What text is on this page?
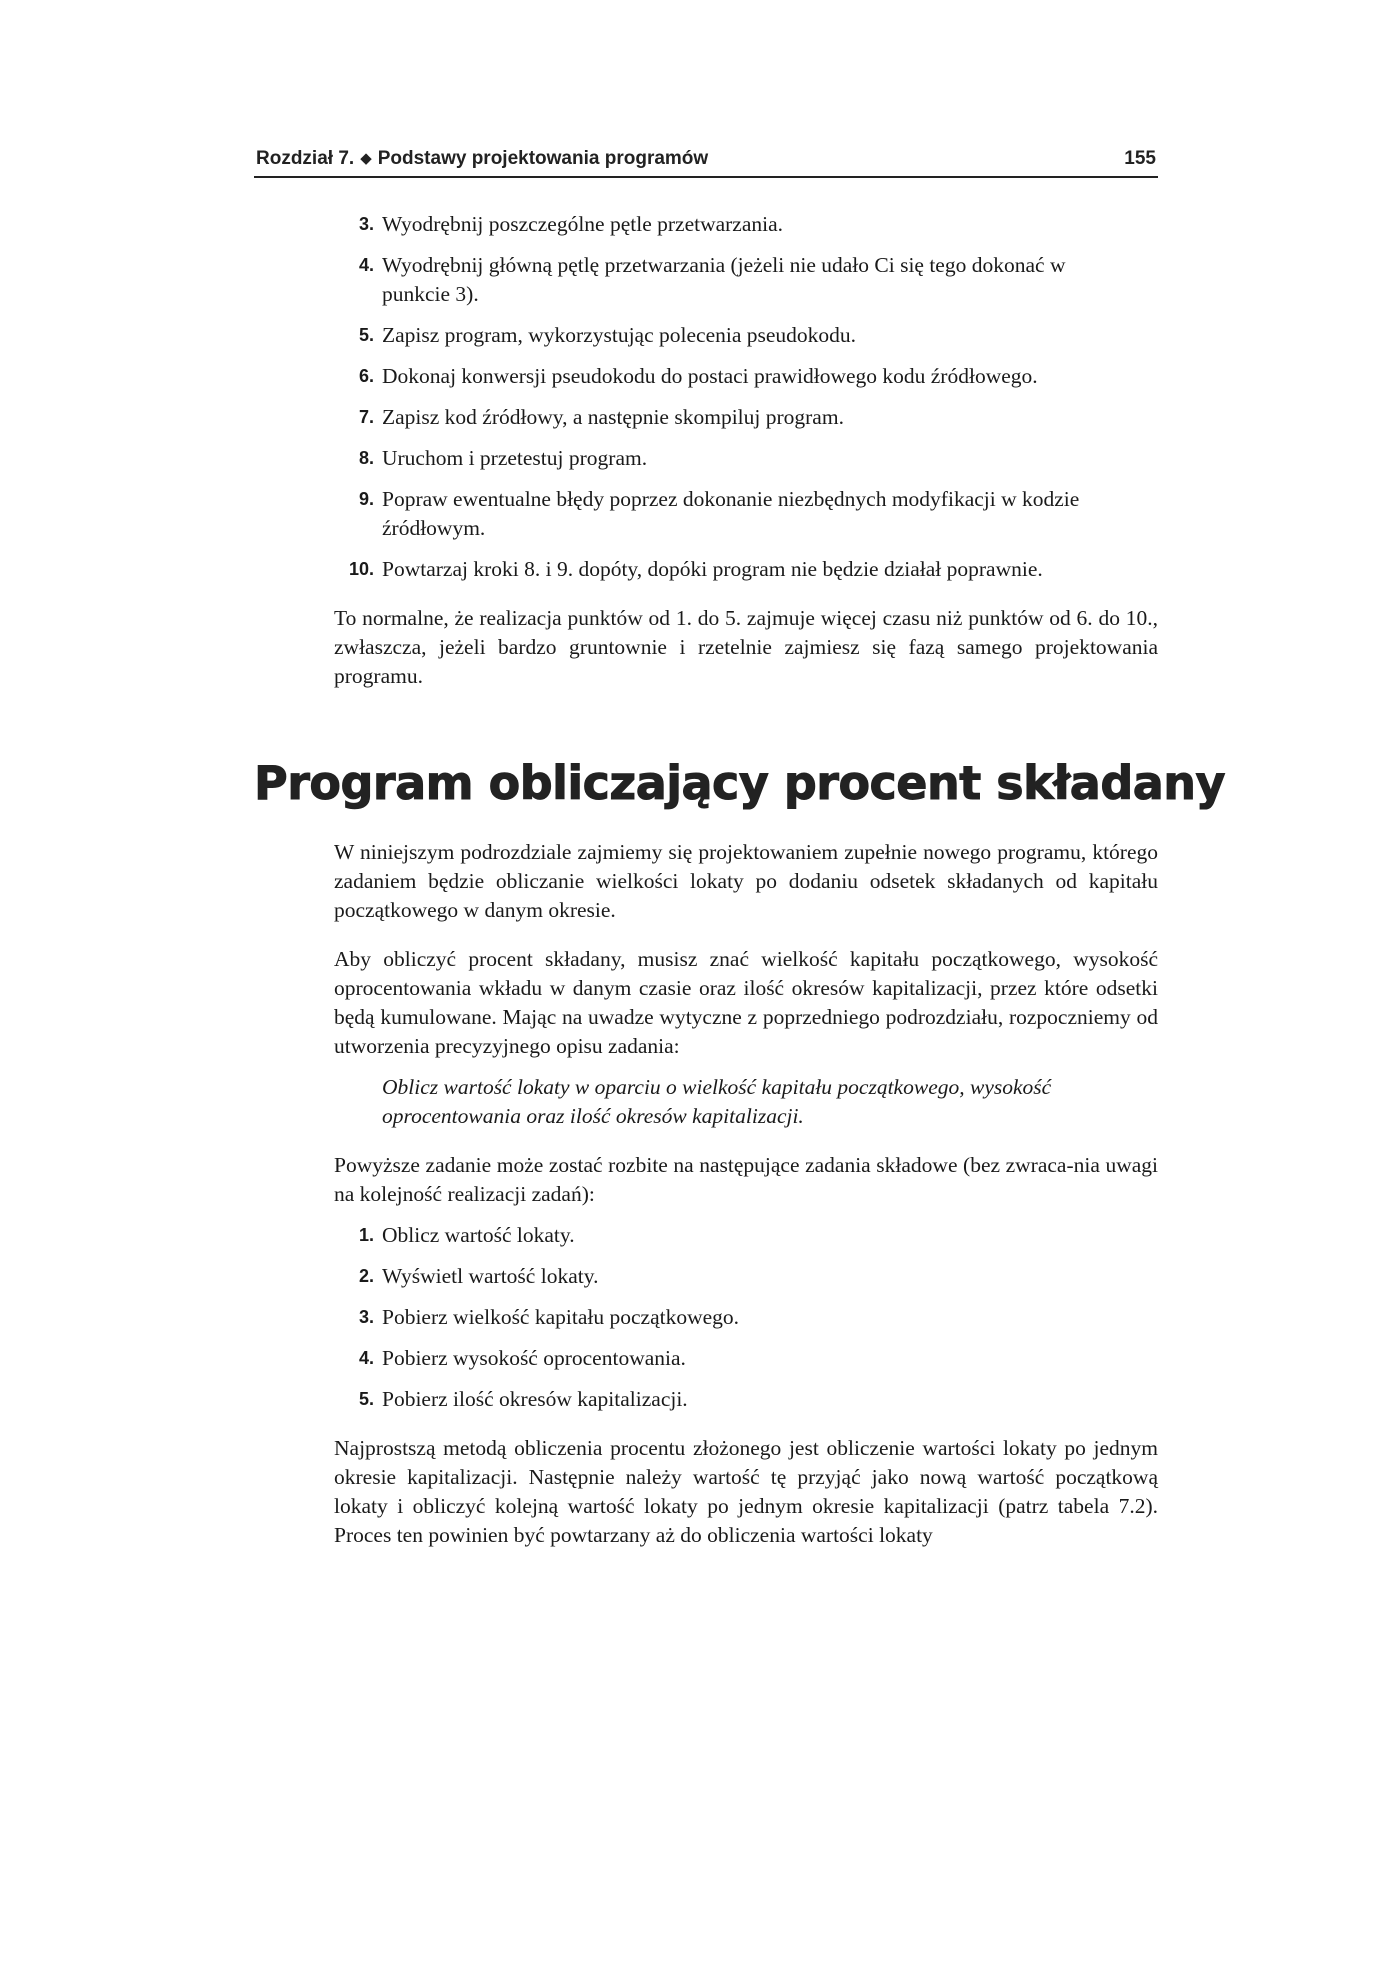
Rozdział 7. ◆ Podstawy projektowania programów	155
3. Wyodrębnij poszczególne pętle przetwarzania.
4. Wyodrębnij główną pętlę przetwarzania (jeżeli nie udało Ci się tego dokonać w punkcie 3).
5. Zapisz program, wykorzystując polecenia pseudokodu.
6. Dokonaj konwersji pseudokodu do postaci prawidłowego kodu źródłowego.
7. Zapisz kod źródłowy, a następnie skompiluj program.
8. Uruchom i przetestuj program.
9. Popraw ewentualne błędy poprzez dokonanie niezbędnych modyfikacji w kodzie źródłowym.
10. Powtarzaj kroki 8. i 9. dopóty, dopóki program nie będzie działał poprawnie.

To normalne, że realizacja punktów od 1. do 5. zajmuje więcej czasu niż punktów od 6. do 10., zwłaszcza, jeżeli bardzo gruntownie i rzetelnie zajmiesz się fazą samego projektowania programu.

Program obliczający procent składany

W niniejszym podrozdziale zajmiemy się projektowaniem zupełnie nowego programu, którego zadaniem będzie obliczanie wielkości lokaty po dodaniu odsetek składanych od kapitału początkowego w danym okresie.

Aby obliczyć procent składany, musisz znać wielkość kapitału początkowego, wysokość oprocentowania wkładu w danym czasie oraz ilość okresów kapitalizacji, przez które odsetki będą kumulowane. Mając na uwadze wytyczne z poprzedniego podrozdziału, rozpoczniemy od utworzenia precyzyjnego opisu zadania:

Oblicz wartość lokaty w oparciu o wielkość kapitału początkowego, wysokość oprocentowania oraz ilość okresów kapitalizacji.

Powyższe zadanie może zostać rozbite na następujące zadania składowe (bez zwraca-nia uwagi na kolejność realizacji zadań):

1. Oblicz wartość lokaty.
2. Wyświetl wartość lokaty.
3. Pobierz wielkość kapitału początkowego.
4. Pobierz wysokość oprocentowania.
5. Pobierz ilość okresów kapitalizacji.

Najprostszą metodą obliczenia procentu złożonego jest obliczenie wartości lokaty po jednym okresie kapitalizacji. Następnie należy wartość tę przyjąć jako nową wartość początkową lokaty i obliczyć kolejną wartość lokaty po jednym okresie kapitalizacji (patrz tabela 7.2). Proces ten powinien być powtarzany aż do obliczenia wartości lokaty
